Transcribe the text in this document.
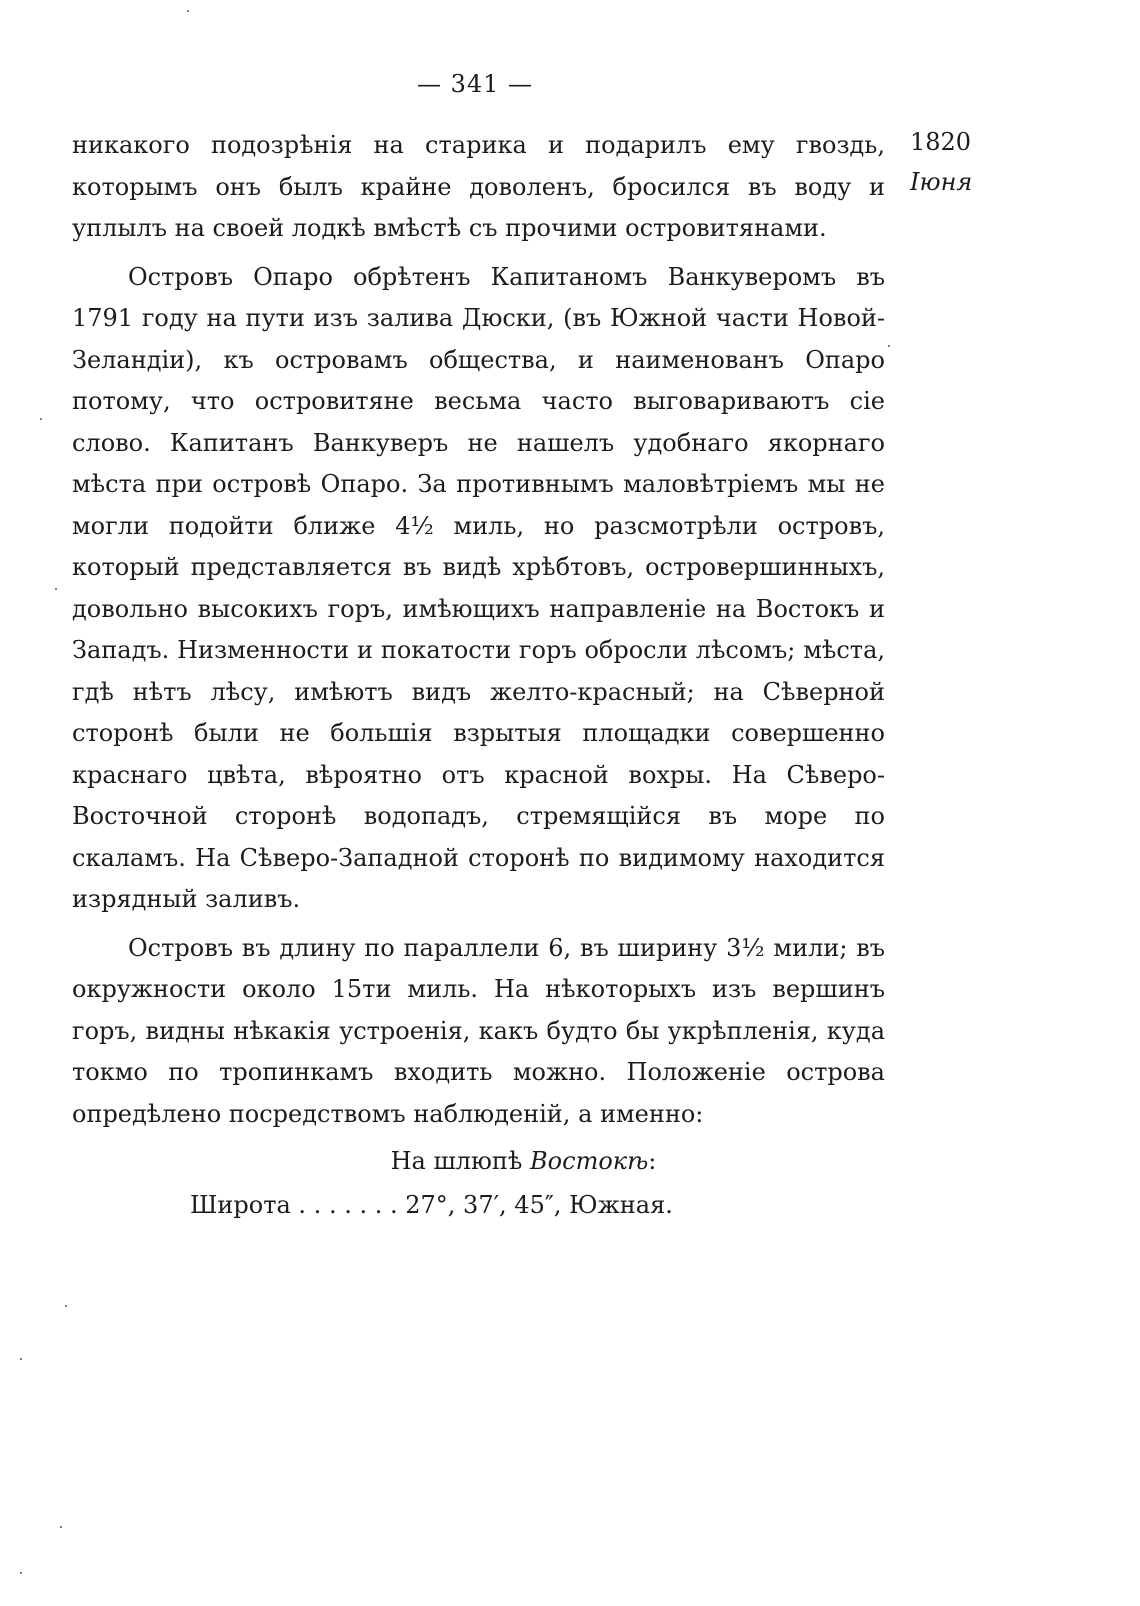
— 341 —
1820
Іюня

никакого подозрѣнія на старика и подарилъ ему гвоздь, которымъ онъ былъ крайне доволенъ, бросился въ воду и уплылъ на своей лодкѣ вмѣстѣ съ прочими островитянами.

Островъ Опаро обрѣтенъ Капитаномъ Ванкуверомъ въ 1791 году на пути изъ залива Дюски, (въ Южной части Новой-Зеландіи), къ островамъ общества, и наименованъ Опаро потому, что островитяне весьма часто выговариваютъ сіе слово. Капитанъ Ванкуверъ не нашелъ удобнаго якорнаго мѣста при островѣ Опаро. За противнымъ маловѣтріемъ мы не могли подойти ближе 4½ миль, но разсмотрѣли островъ, который представляется въ видѣ хрѣбтовъ, островершинныхъ, довольно высокихъ горъ, имѣющихъ направленіе на Востокъ и Западъ. Низменности и покатости горъ обросли лѣсомъ; мѣста, гдѣ нѣтъ лѣсу, имѣютъ видъ желто-красный; на Сѣверной сторонѣ были не большія взрытыя площадки совершенно краснаго цвѣта, вѣроятно отъ красной вохры. На Сѣверо-Восточной сторонѣ водопадъ, стремящійся въ море по скаламъ. На Сѣверо-Западной сторонѣ по видимому находится изрядный заливъ.

Островъ въ длину по параллели 6, въ ширину 3½ мили; въ окружности около 15ти миль. На нѣкоторыхъ изъ вершинъ горъ, видны нѣкакія устроенія, какъ будто бы укрѣпленія, куда токмо по тропинкамъ входить можно. Положеніе острова опредѣлено посредствомъ наблюденій, а именно:

На шлюпѣ Востокѣ:
Широта . . . . . . . 27°, 37′, 45″, Южная.
